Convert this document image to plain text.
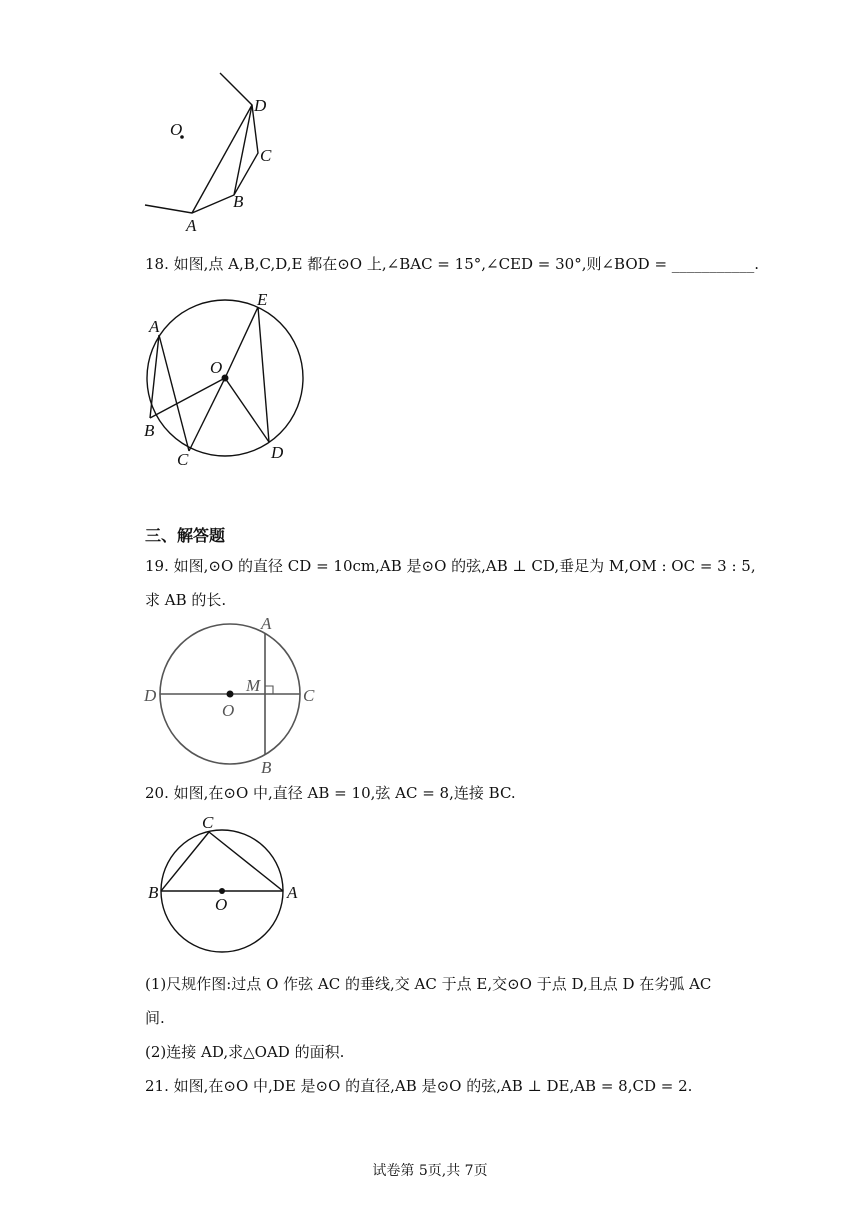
O
D
C
B
A
18. 如图,点 A,B,C,D,E 都在⊙O 上,∠BAC = 15°,∠CED = 30°,则∠BOD = ___________.
A
E
O
B
C	D
三、解答题
19. 如图,⊙O 的直径 CD = 10cm,AB 是⊙O 的弦,AB ⊥ CD,垂足为 M,OM : OC = 3 : 5,
求 AB 的长.
A
D
M
C
O
B
20. 如图,在⊙O 中,直径 AB = 10,弦 AC = 8,连接 BC.
C
B	A
O
(1)尺规作图:过点 O 作弦 AC 的垂线,交 AC 于点 E,交⊙O 于点 D,且点 D 在劣弧 AC
间.
(2)连接 AD,求△OAD 的面积.
21. 如图,在⊙O 中,DE 是⊙O 的直径,AB 是⊙O 的弦,AB ⊥ DE,AB = 8,CD = 2.
试卷第 5页,共 7页
